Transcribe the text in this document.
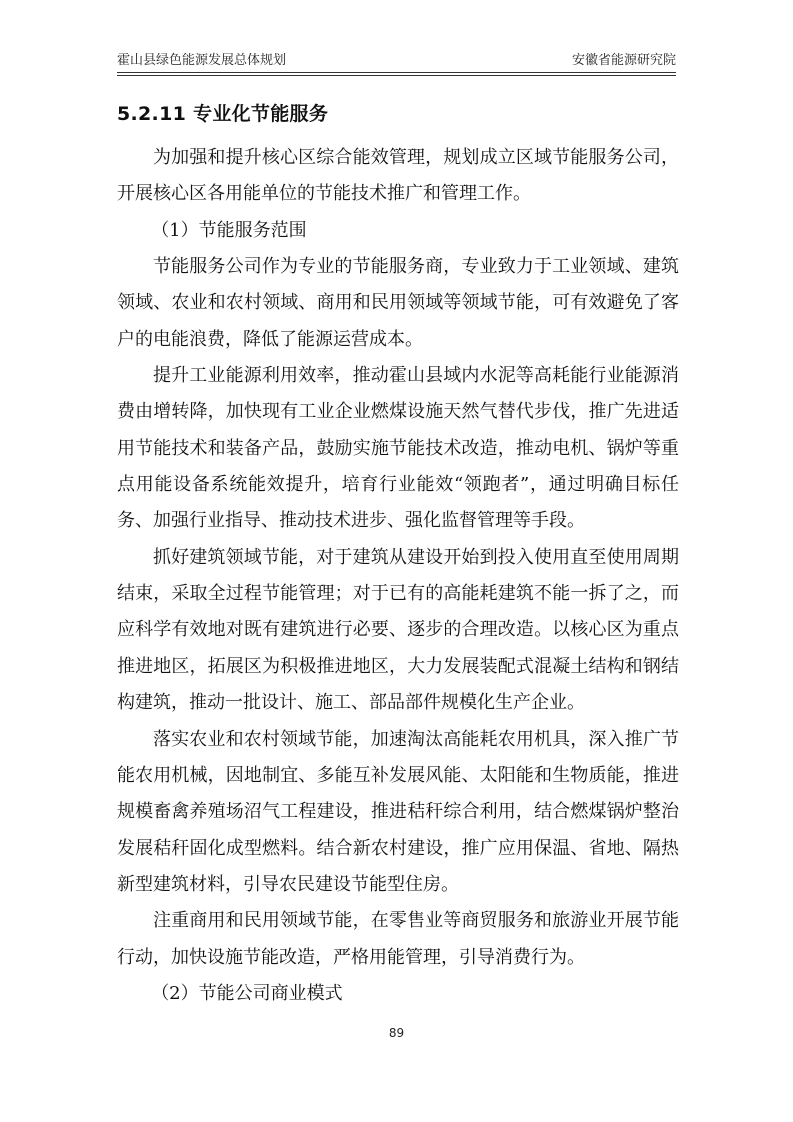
霍山县绿色能源发展总体规划	安徽省能源研究院
5.2.11 专业化节能服务

为加强和提升核心区综合能效管理，规划成立区域节能服务公司，开展核心区各用能单位的节能技术推广和管理工作。

（1）节能服务范围

节能服务公司作为专业的节能服务商，专业致力于工业领域、建筑领域、农业和农村领域、商用和民用领域等领域节能，可有效避免了客户的电能浪费，降低了能源运营成本。

提升工业能源利用效率，推动霍山县域内水泥等高耗能行业能源消费由增转降，加快现有工业企业燃煤设施天然气替代步伐，推广先进适用节能技术和装备产品，鼓励实施节能技术改造，推动电机、锅炉等重点用能设备系统能效提升，培育行业能效“领跑者”，通过明确目标任务、加强行业指导、推动技术进步、强化监督管理等手段。

抓好建筑领域节能，对于建筑从建设开始到投入使用直至使用周期结束，采取全过程节能管理；对于已有的高能耗建筑不能一拆了之，而应科学有效地对既有建筑进行必要、逐步的合理改造。以核心区为重点推进地区，拓展区为积极推进地区，大力发展装配式混凝土结构和钢结构建筑，推动一批设计、施工、部品部件规模化生产企业。

落实农业和农村领域节能，加速淘汰高能耗农用机具，深入推广节能农用机械，因地制宜、多能互补发展风能、太阳能和生物质能，推进规模畜禽养殖场沼气工程建设，推进秸秆综合利用，结合燃煤锅炉整治发展秸秆固化成型燃料。结合新农村建设，推广应用保温、省地、隔热新型建筑材料，引导农民建设节能型住房。

注重商用和民用领域节能，在零售业等商贸服务和旅游业开展节能行动，加快设施节能改造，严格用能管理，引导消费行为。

（2）节能公司商业模式

89
